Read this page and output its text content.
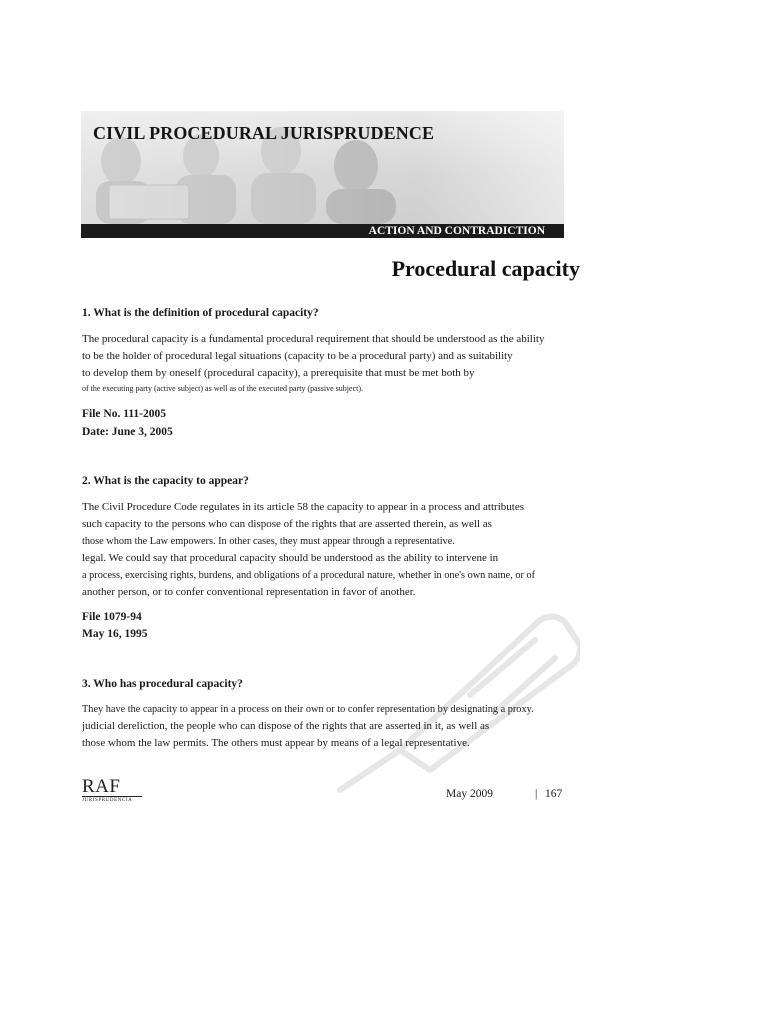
CIVIL PROCEDURAL JURISPRUDENCE
ACTION AND CONTRADICTION
Procedural capacity
1. What is the definition of procedural capacity?
The procedural capacity is a fundamental procedural requirement that should be understood as the ability
to be the holder of procedural legal situations (capacity to be a procedural party) and as suitability
to develop them by oneself (procedural capacity), a prerequisite that must be met both by
of the executing party (active subject) as well as of the executed party (passive subject).
File No. 111-2005
Date: June 3, 2005
2. What is the capacity to appear?
The Civil Procedure Code regulates in its article 58 the capacity to appear in a process and attributes
such capacity to the persons who can dispose of the rights that are asserted therein, as well as
those whom the Law empowers. In other cases, they must appear through a representative.
legal. We could say that procedural capacity should be understood as the ability to intervene in
a process, exercising rights, burdens, and obligations of a procedural nature, whether in one's own name, or of
another person, or to confer conventional representation in favor of another.
File 1079-94
May 16, 1995
3. Who has procedural capacity?
They have the capacity to appear in a process on their own or to confer representation by designating a proxy.
judicial dereliction, the people who can dispose of the rights that are asserted in it, as well as
those whom the law permits. The others must appear by means of a legal representative.
RAF
JURISPRUDENCIA
May 2009	| 167
